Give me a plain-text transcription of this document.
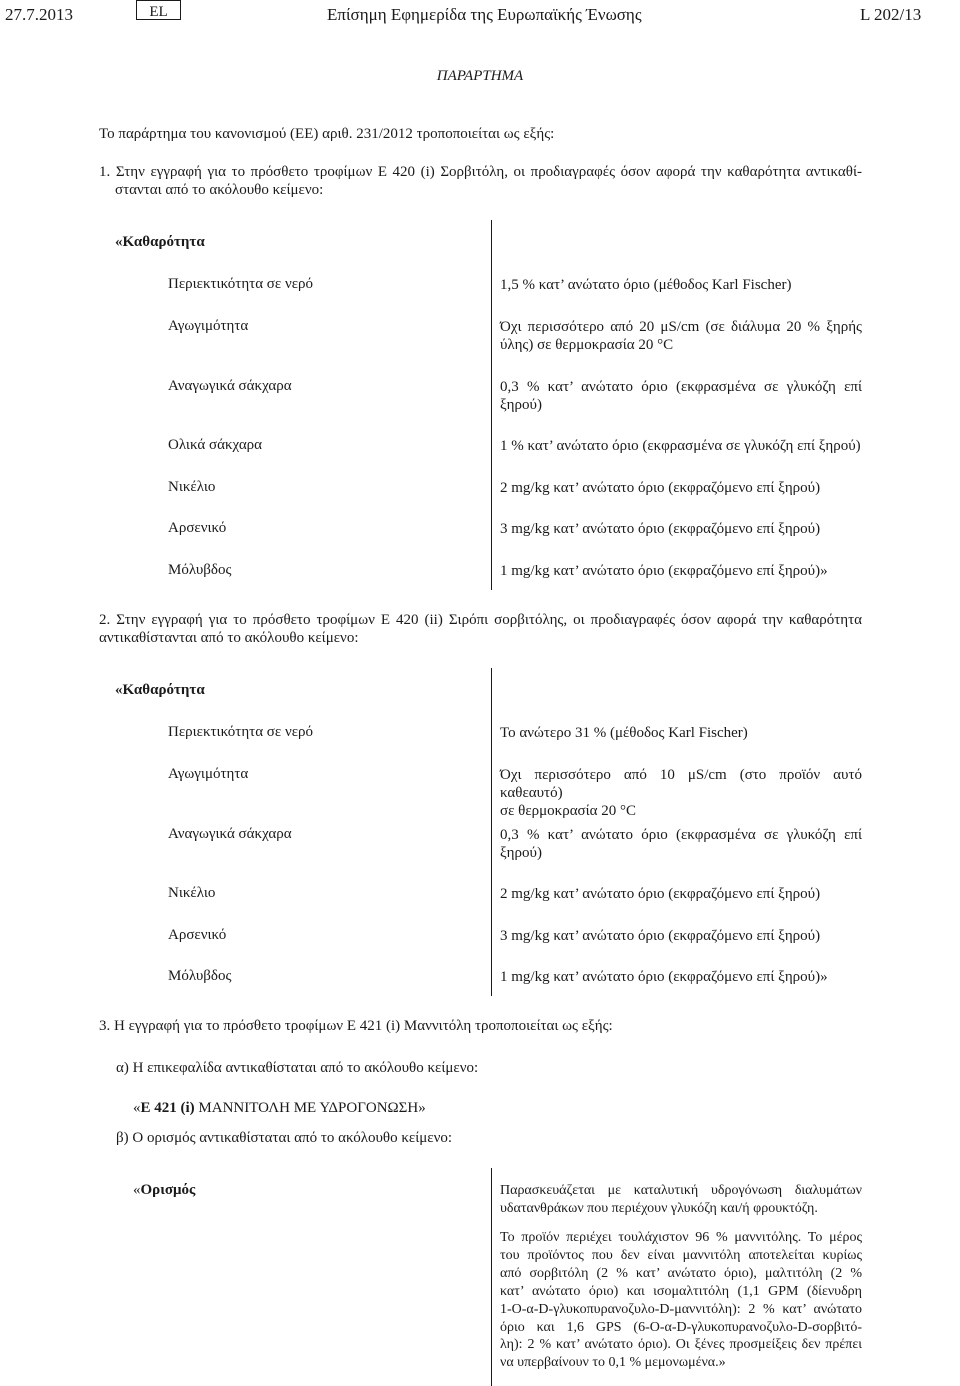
27.7.2013	EL	Επίσημη Εφημερίδα της Ευρωπαϊκής Ένωσης	L 202/13
ΠΑΡΑΡΤΗΜΑ
Το παράρτημα του κανονισμού (ΕΕ) αριθ. 231/2012 τροποποιείται ως εξής:
1. Στην εγγραφή για το πρόσθετο τροφίμων E 420 (i) Σορβιτόλη, οι προδιαγραφές όσον αφορά την καθαρότητα αντικαθί-
στανται από το ακόλουθο κείμενο:
«Καθαρότητα
Περιεκτικότητα σε νερό	1,5 % κατ’ ανώτατο όριο (μέθοδος Karl Fischer)
Αγωγιμότητα	Όχι περισσότερο από 20 μS/cm (σε διάλυμα 20 % ξηρής
ύλης) σε θερμοκρασία 20 °C
Αναγωγικά σάκχαρα	0,3 % κατ’ ανώτατο όριο (εκφρασμένα σε γλυκόζη επί
ξηρού)
Ολικά σάκχαρα	1 % κατ’ ανώτατο όριο (εκφρασμένα σε γλυκόζη επί ξηρού)
Νικέλιο	2 mg/kg κατ’ ανώτατο όριο (εκφραζόμενο επί ξηρού)
Αρσενικό	3 mg/kg κατ’ ανώτατο όριο (εκφραζόμενο επί ξηρού)
Μόλυβδος	1 mg/kg κατ’ ανώτατο όριο (εκφραζόμενο επί ξηρού)»
2. Στην εγγραφή για το πρόσθετο τροφίμων E 420 (ii) Σιρόπι σορβιτόλης, οι προδιαγραφές όσον αφορά την καθαρότητα
αντικαθίστανται από το ακόλουθο κείμενο:
«Καθαρότητα
Περιεκτικότητα σε νερό	Το ανώτερο 31 % (μέθοδος Karl Fischer)
Αγωγιμότητα	Όχι περισσότερο από 10 μS/cm (στο προϊόν αυτό καθεαυτό)
σε θερμοκρασία 20 °C
Αναγωγικά σάκχαρα	0,3 % κατ’ ανώτατο όριο (εκφρασμένα σε γλυκόζη επί
ξηρού)
Νικέλιο	2 mg/kg κατ’ ανώτατο όριο (εκφραζόμενο επί ξηρού)
Αρσενικό	3 mg/kg κατ’ ανώτατο όριο (εκφραζόμενο επί ξηρού)
Μόλυβδος	1 mg/kg κατ’ ανώτατο όριο (εκφραζόμενο επί ξηρού)»
3. Η εγγραφή για το πρόσθετο τροφίμων E 421 (i) Μαννιτόλη τροποποιείται ως εξής:
α) Η επικεφαλίδα αντικαθίσταται από το ακόλουθο κείμενο:
«E 421 (i) ΜΑΝΝΙΤΟΛΗ ΜΕ ΥΔΡΟΓΟΝΩΣΗ»
β) Ο ορισμός αντικαθίσταται από το ακόλουθο κείμενο:
«Ορισμός	Παρασκευάζεται με καταλυτική υδρογόνωση διαλυμάτων
υδατανθράκων που περιέχουν γλυκόζη και/ή φρουκτόζη.
Το προϊόν περιέχει τουλάχιστον 96 % μαννιτόλης. Το μέρος
του προϊόντος που δεν είναι μαννιτόλη αποτελείται κυρίως
από σορβιτόλη (2 % κατ’ ανώτατο όριο), μαλτιτόλη (2 %
κατ’ ανώτατο όριο) και ισομαλτιτόλη (1,1 GPM (δίενυδρη
1-O-α-D-γλυκοπυρανοζυλο-D-μαννιτόλη): 2 % κατ’ ανώτατο
όριο και 1,6 GPS (6-O-α-D-γλυκοπυρανοζυλο-D-σορβιτό-
λη): 2 % κατ’ ανώτατο όριο). Οι ξένες προσμείξεις δεν πρέπει
να υπερβαίνουν το 0,1 % μεμονωμένα.»
